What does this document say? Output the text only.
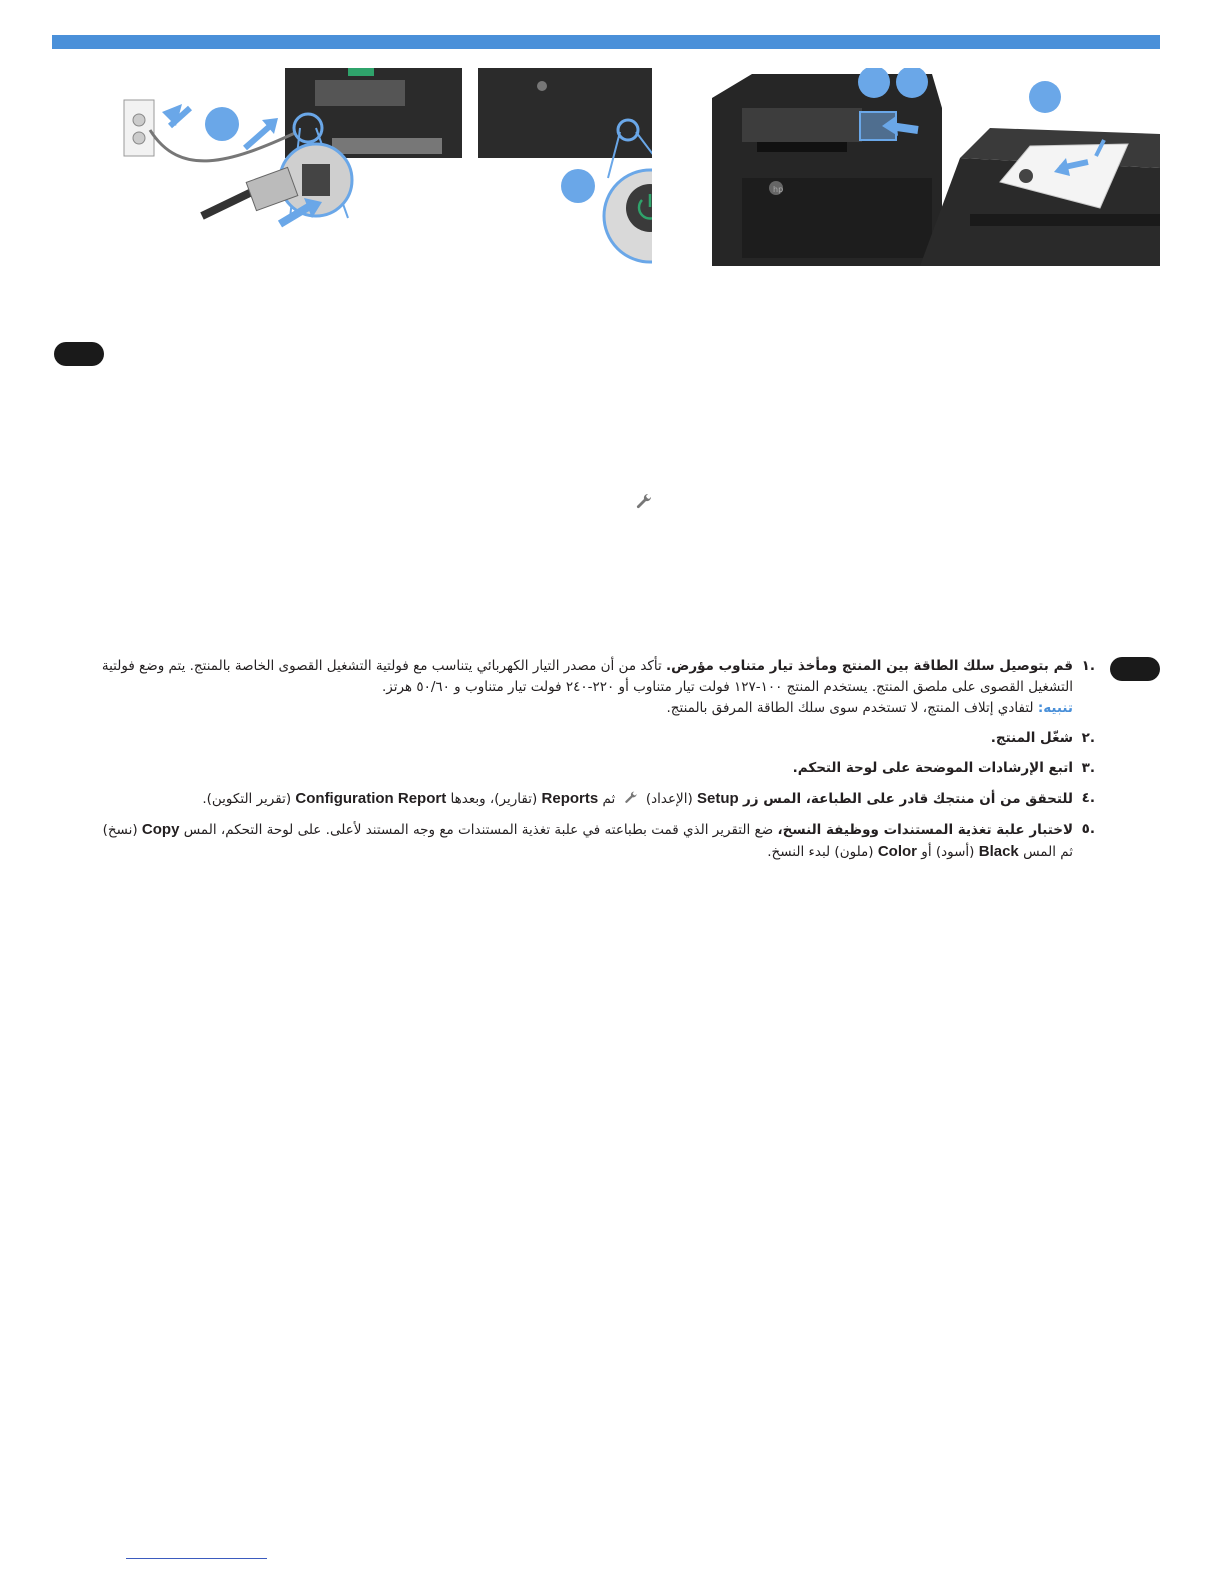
hp
.١
قم بتوصيل سلك الطاقة بين المنتج ومأخذ تيار متناوب مؤرض. تأكد من أن مصدر التيار الكهربائي يتناسب مع فولتية التشغيل القصوى الخاصة بالمنتج. يتم وضع فولتية التشغيل القصوى على ملصق المنتج. يستخدم المنتج ١٠٠-١٢٧ فولت تيار متناوب أو ٢٢٠-٢٤٠ فولت تيار متناوب و ٥٠/٦٠ هرتز.
تنبيه: لتفادي إتلاف المنتج، لا تستخدم سوى سلك الطاقة المرفق بالمنتج.
.٢
شغّل المنتج.
.٣
اتبع الإرشادات الموضحة على لوحة التحكم.
.٤
للتحقق من أن منتجك قادر على الطباعة، المس زر Setup (الإعداد)  ثم Reports (تقارير)، وبعدها Configuration Report (تقرير التكوين).
.٥
لاختبار علبة تغذية المستندات ووظيفة النسخ، ضع التقرير الذي قمت بطباعته في علبة تغذية المستندات مع وجه المستند لأعلى. على لوحة التحكم، المس Copy (نسخ) ثم المس Black (أسود) أو Color (ملون) لبدء النسخ.
